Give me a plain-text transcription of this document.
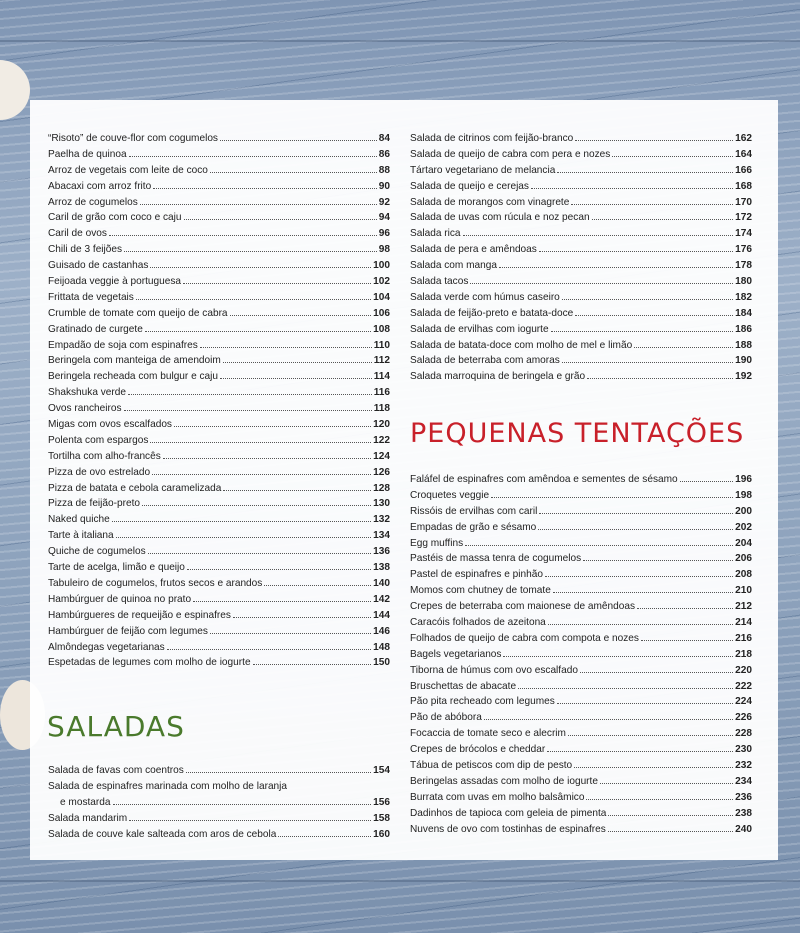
“Risoto” de couve-flor com cogumelos	84
Paelha de quinoa	86
Arroz de vegetais com leite de coco	88
Abacaxi com arroz frito	90
Arroz de cogumelos	92
Caril de grão com coco e caju	94
Caril de ovos	96
Chili de 3 feijões	98
Guisado de castanhas	100
Feijoada veggie à portuguesa	102
Frittata de vegetais	104
Crumble de tomate com queijo de cabra	106
Gratinado de curgete	108
Empadão de soja com espinafres	110
Beringela com manteiga de amendoim	112
Beringela recheada com bulgur e caju	114
Shakshuka verde	116
Ovos rancheiros	118
Migas com ovos escalfados	120
Polenta com espargos	122
Tortilha com alho-francês	124
Pizza de ovo estrelado	126
Pizza de batata e cebola caramelizada	128
Pizza de feijão-preto	130
Naked quiche	132
Tarte à italiana	134
Quiche de cogumelos	136
Tarte de acelga, limão e queijo	138
Tabuleiro de cogumelos, frutos secos e arandos	140
Hambúrguer de quinoa no prato	142
Hambúrgueres de requeijão e espinafres	144
Hambúrguer de feijão com legumes	146
Almôndegas vegetarianas	148
Espetadas de legumes com molho de iogurte	150
SALADAS
Salada de favas com coentros	154
Salada de espinafres marinada com molho de laranja
e mostarda	156
Salada mandarim	158
Salada de couve kale salteada com aros de cebola	160
Salada de citrinos com feijão-branco	162
Salada de queijo de cabra com pera e nozes	164
Tártaro vegetariano de melancia	166
Salada de queijo e cerejas	168
Salada de morangos com vinagrete	170
Salada de uvas com rúcula e noz pecan	172
Salada rica	174
Salada de pera e amêndoas	176
Salada com manga	178
Salada tacos	180
Salada verde com húmus caseiro	182
Salada de feijão-preto e batata-doce	184
Salada de ervilhas com iogurte	186
Salada de batata-doce com molho de mel e limão	188
Salada de beterraba com amoras	190
Salada marroquina de beringela e grão	192
PEQUENAS TENTAÇÕES
Faláfel de espinafres com amêndoa e sementes de sésamo	196
Croquetes veggie	198
Rissóis de ervilhas com caril	200
Empadas de grão e sésamo	202
Egg muffins	204
Pastéis de massa tenra de cogumelos	206
Pastel de espinafres e pinhão	208
Momos com chutney de tomate	210
Crepes de beterraba com maionese de amêndoas	212
Caracóis folhados de azeitona	214
Folhados de queijo de cabra com compota e nozes	216
Bagels vegetarianos	218
Tiborna de húmus com ovo escalfado	220
Bruschettas de abacate	222
Pão pita recheado com legumes	224
Pão de abóbora	226
Focaccia de tomate seco e alecrim	228
Crepes de brócolos e cheddar	230
Tábua de petiscos com dip de pesto	232
Beringelas assadas com molho de iogurte	234
Burrata com uvas em molho balsâmico	236
Dadinhos de tapioca com geleia de pimenta	238
Nuvens de ovo com tostinhas de espinafres	240
